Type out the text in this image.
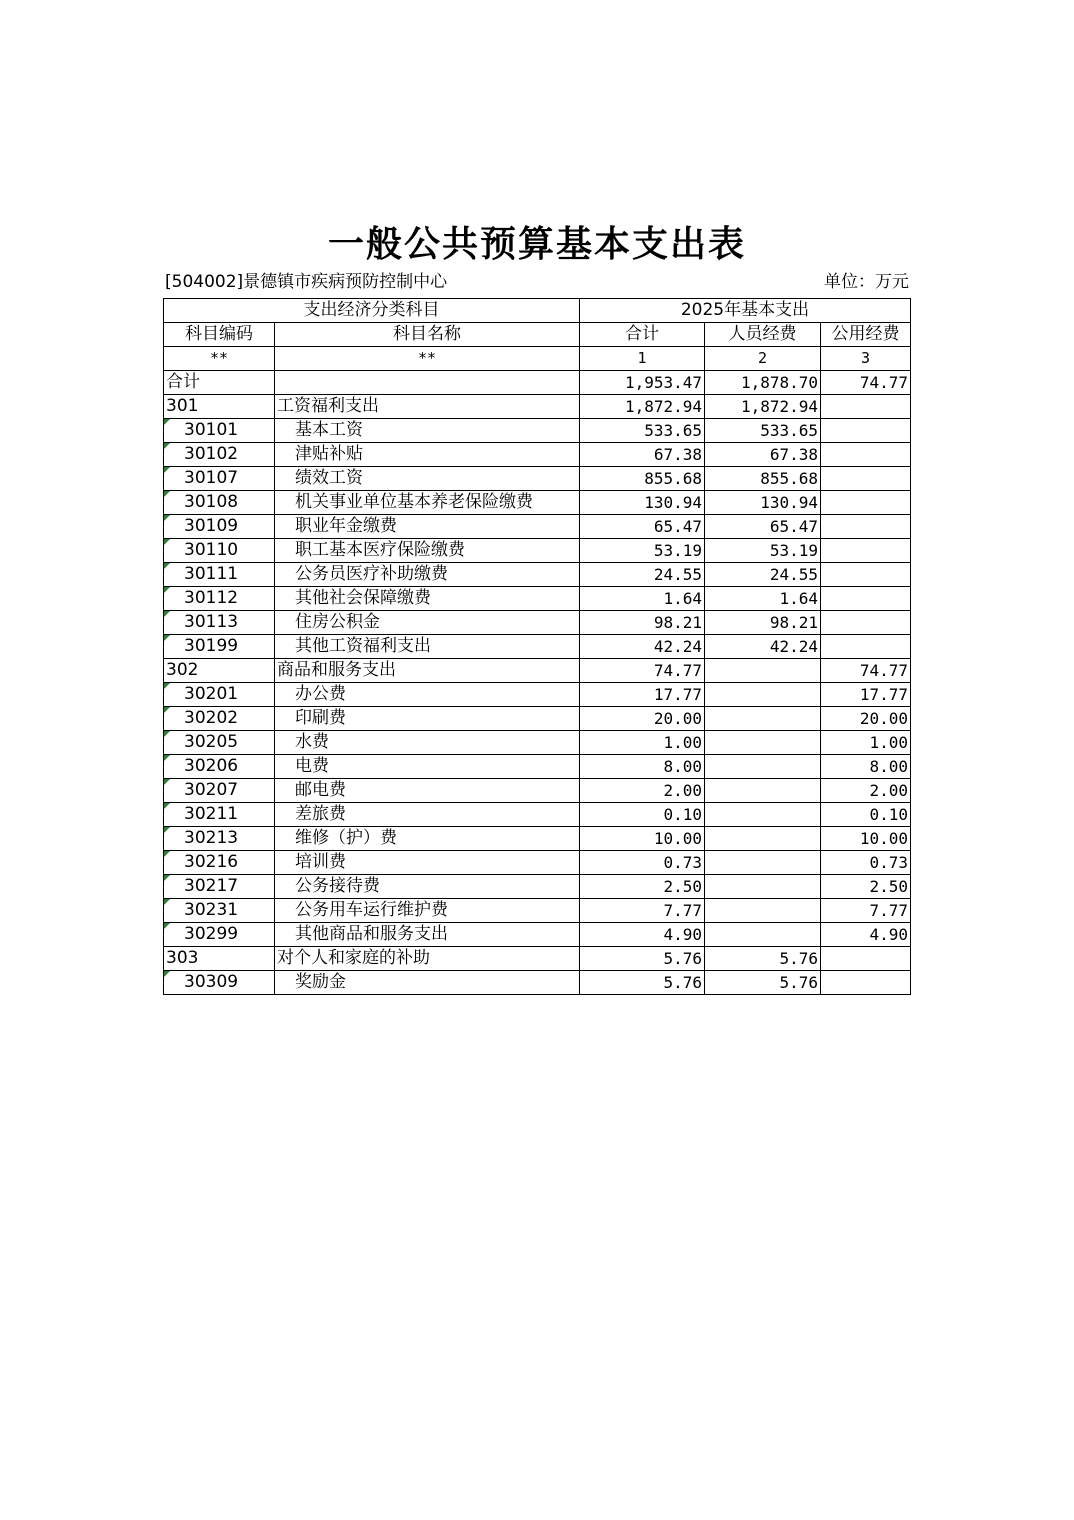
一般公共预算基本支出表
[504002]景德镇市疾病预防控制中心	单位：万元
支出经济分类科目		2025年基本支出		
科目编码	科目名称	合计	人员经费	公用经费
**	**	1	2	3
合计		1,953.47	1,878.70	74.77
301	工资福利支出	1,872.94	1,872.94	

30101	基本工资	533.65	533.65	

30102	津贴补贴	67.38	67.38	

30107	绩效工资	855.68	855.68	

30108	机关事业单位基本养老保险缴费	130.94	130.94	

30109	职业年金缴费	65.47	65.47	

30110	职工基本医疗保险缴费	53.19	53.19	

30111	公务员医疗补助缴费	24.55	24.55	

30112	其他社会保障缴费	1.64	1.64	

30113	住房公积金	98.21	98.21	

30199	其他工资福利支出	42.24	42.24	
302	商品和服务支出	74.77		74.77

30201	办公费	17.77		17.77

30202	印刷费	20.00		20.00

30205	水费	1.00		1.00

30206	电费	8.00		8.00

30207	邮电费	2.00		2.00

30211	差旅费	0.10		0.10

30213	维修（护）费	10.00		10.00

30216	培训费	0.73		0.73

30217	公务接待费	2.50		2.50

30231	公务用车运行维护费	7.77		7.77

30299	其他商品和服务支出	4.90		4.90
303	对个人和家庭的补助	5.76	5.76	

30309	奖励金	5.76	5.76	
